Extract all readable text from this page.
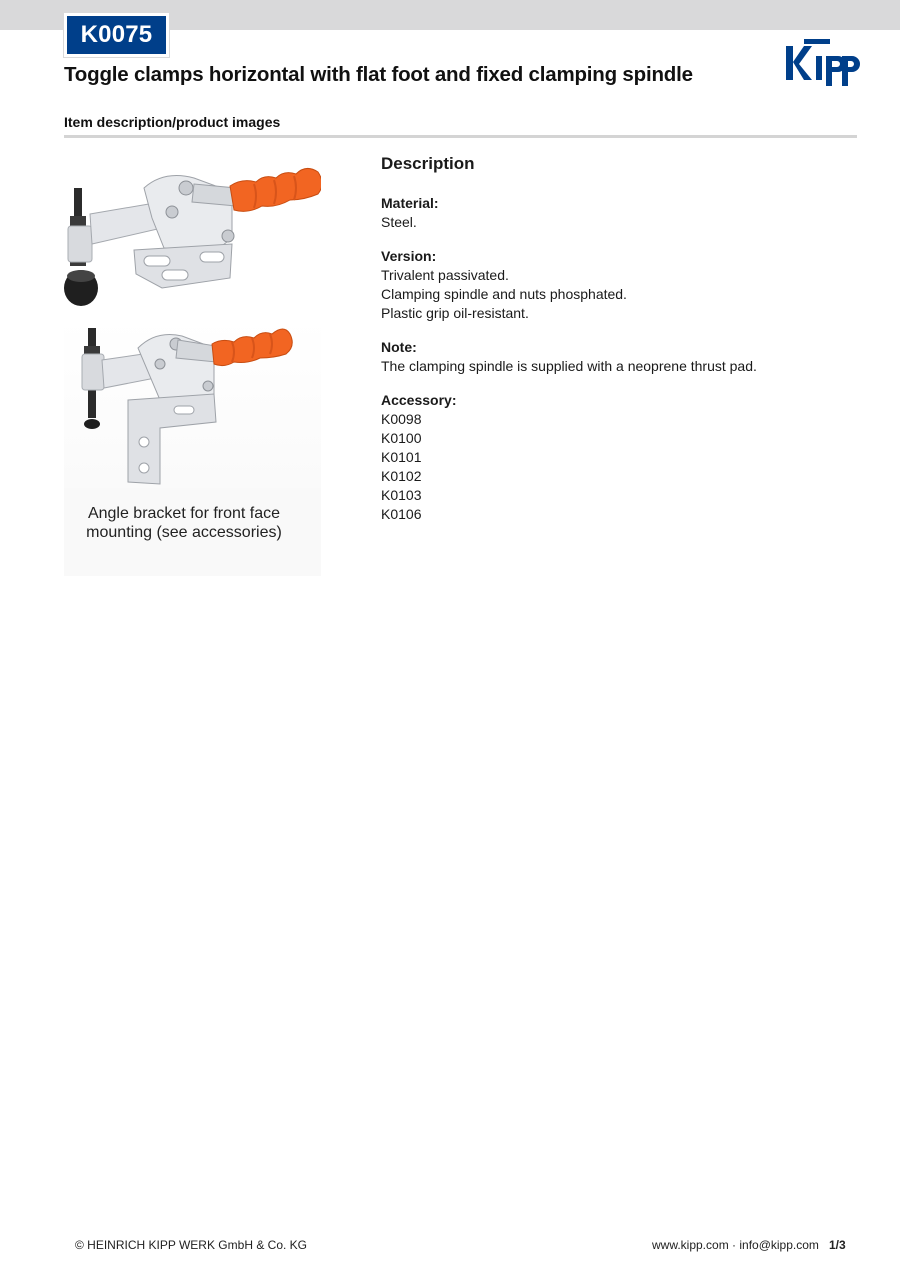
K0075
Toggle clamps horizontal with flat foot and fixed clamping spindle
Item description/product images
Angle bracket for front face
mounting (see accessories)
Description
Material:
Steel.
Version:
Trivalent passivated.
Clamping spindle and nuts phosphated.
Plastic grip oil-resistant.
Note:
The clamping spindle is supplied with a neoprene thrust pad.
Accessory:
K0098
K0100
K0101
K0102
K0103
K0106
© HEINRICH KIPP WERK GmbH & Co. KG	www.kipp.com · info@kipp.com 1/3
